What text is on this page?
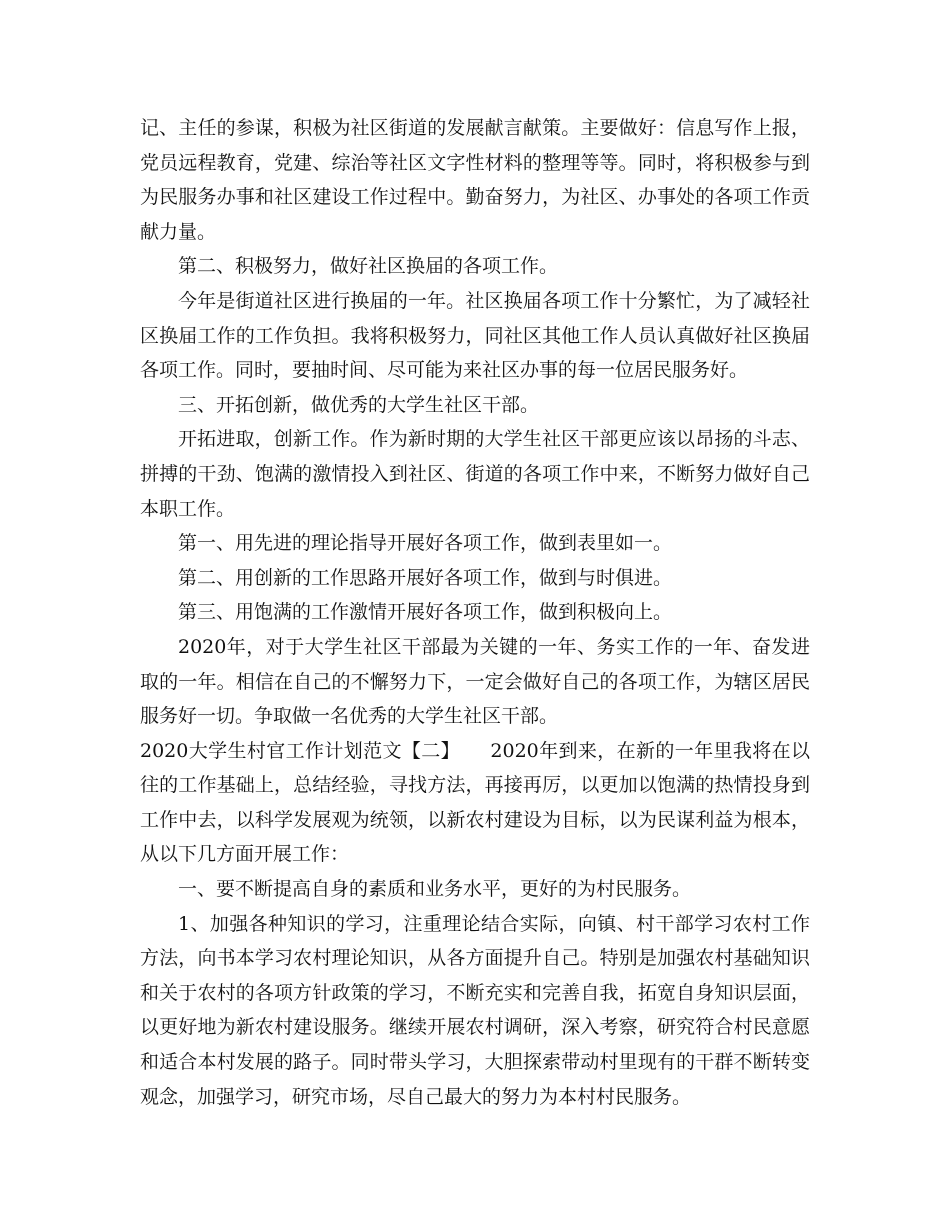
记、主任的参谋，积极为社区街道的发展献言献策。主要做好：信息写作上报，党员远程教育，党建、综治等社区文字性材料的整理等等。同时，将积极参与到为民服务办事和社区建设工作过程中。勤奋努力，为社区、办事处的各项工作贡献力量。

第二、积极努力，做好社区换届的各项工作。

今年是街道社区进行换届的一年。社区换届各项工作十分繁忙，为了减轻社区换届工作的工作负担。我将积极努力，同社区其他工作人员认真做好社区换届各项工作。同时，要抽时间、尽可能为来社区办事的每一位居民服务好。

三、开拓创新，做优秀的大学生社区干部。

开拓进取，创新工作。作为新时期的大学生社区干部更应该以昂扬的斗志、拼搏的干劲、饱满的激情投入到社区、街道的各项工作中来，不断努力做好自己本职工作。

第一、用先进的理论指导开展好各项工作，做到表里如一。

第二、用创新的工作思路开展好各项工作，做到与时俱进。

第三、用饱满的工作激情开展好各项工作，做到积极向上。

2020年，对于大学生社区干部最为关键的一年、务实工作的一年、奋发进取的一年。相信在自己的不懈努力下，一定会做好自己的各项工作，为辖区居民服务好一切。争取做一名优秀的大学生社区干部。

2020大学生村官工作计划范文【二】 2020年到来，在新的一年里我将在以往的工作基础上，总结经验，寻找方法，再接再厉，以更加以饱满的热情投身到工作中去，以科学发展观为统领，以新农村建设为目标，以为民谋利益为根本，从以下几方面开展工作：

一、要不断提高自身的素质和业务水平，更好的为村民服务。

1、加强各种知识的学习，注重理论结合实际，向镇、村干部学习农村工作方法，向书本学习农村理论知识，从各方面提升自己。特别是加强农村基础知识和关于农村的各项方针政策的学习，不断充实和完善自我，拓宽自身知识层面，以更好地为新农村建设服务。继续开展农村调研，深入考察，研究符合村民意愿和适合本村发展的路子。同时带头学习，大胆探索带动村里现有的干群不断转变观念，加强学习，研究市场，尽自己最大的努力为本村村民服务。
